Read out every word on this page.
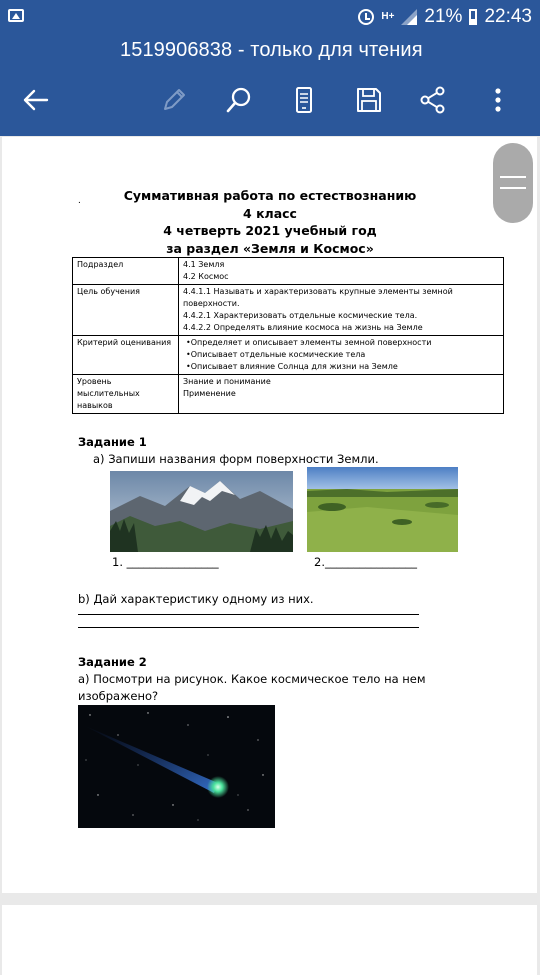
H+ 21% 22:43
1519906838 - только для чтения
.	Суммативная работа по естествознанию
4 класс
4 четверть 2021 учебный год
за раздел «Земля и Космос»
Подраздел	4.1 Земля
4.2 Космос

Цель обучения	4.4.1.1 Называть и характеризовать крупные элементы земной поверхности.
4.4.2.1 Характеризовать отдельные космические тела.
4.4.2.2 Определять влияние космоса на жизнь на Земле

Критерий оценивания	• Определяет и описывает элементы земной поверхности
• Описывает отдельные космические тела
• Описывает влияние Солнца для жизни на Земле

Уровень мыслительных навыков	Знание и понимание
Применение
Задание 1
а) Запиши названия форм поверхности Земли.
1. ________________	2.________________
b) Дай характеристику одному из них.
Задание 2
а) Посмотри на рисунок. Какое космическое тело на нем
изображено?
